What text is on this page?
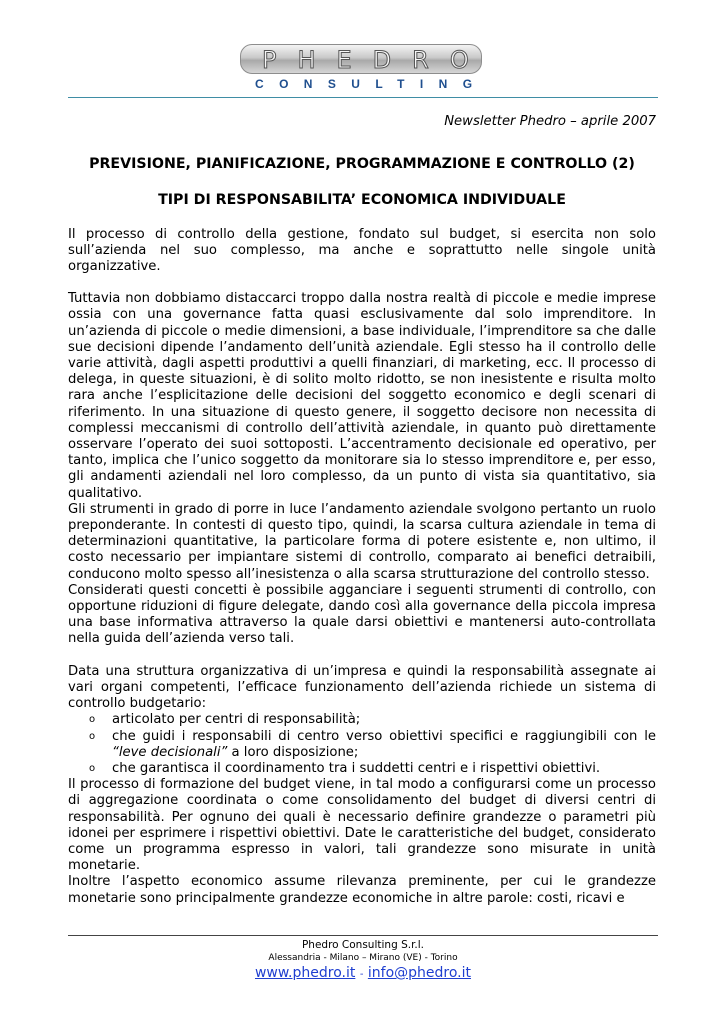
PHEDRO
CONSULTING

Newsletter Phedro – aprile 2007

PREVISIONE, PIANIFICAZIONE, PROGRAMMAZIONE E CONTROLLO (2)
TIPI DI RESPONSABILITA’ ECONOMICA INDIVIDUALE

Il processo di controllo della gestione, fondato sul budget, si esercita non solo sull’azienda nel suo complesso, ma anche e soprattutto nelle singole unità organizzative.

Tuttavia non dobbiamo distaccarci troppo dalla nostra realtà di piccole e medie imprese ossia con una governance fatta quasi esclusivamente dal solo imprenditore. In un’azienda di piccole o medie dimensioni, a base individuale, l’imprenditore sa che dalle sue decisioni dipende l’andamento dell’unità aziendale. Egli stesso ha il controllo delle varie attività, dagli aspetti produttivi a quelli finanziari, di marketing, ecc. Il processo di delega, in queste situazioni, è di solito molto ridotto, se non inesistente e risulta molto rara anche l’esplicitazione delle decisioni del soggetto economico e degli scenari di riferimento. In una situazione di questo genere, il soggetto decisore non necessita di complessi meccanismi di controllo dell’attività aziendale, in quanto può direttamente osservare l’operato dei suoi sottoposti. L’accentramento decisionale ed operativo, per tanto, implica che l’unico soggetto da monitorare sia lo stesso imprenditore e, per esso, gli andamenti aziendali nel loro complesso, da un punto di vista sia quantitativo, sia qualitativo.

Gli strumenti in grado di porre in luce l’andamento aziendale svolgono pertanto un ruolo preponderante. In contesti di questo tipo, quindi, la scarsa cultura aziendale in tema di determinazioni quantitative, la particolare forma di potere esistente e, non ultimo, il costo necessario per impiantare sistemi di controllo, comparato ai benefici detraibili, conducono molto spesso all’inesistenza o alla scarsa strutturazione del controllo stesso.

Considerati questi concetti è possibile agganciare i seguenti strumenti di controllo, con opportune riduzioni di figure delegate, dando così alla governance della piccola impresa una base informativa attraverso la quale darsi obiettivi e mantenersi auto-controllata nella guida dell’azienda verso tali.

Data una struttura organizzativa di un’impresa e quindi la responsabilità assegnate ai vari organi competenti, l’efficace funzionamento dell’azienda richiede un sistema di controllo budgetario:

o articolato per centri di responsabilità;
o che guidi i responsabili di centro verso obiettivi specifici e raggiungibili con le “leve decisionali” a loro disposizione;
o che garantisca il coordinamento tra i suddetti centri e i rispettivi obiettivi.

Il processo di formazione del budget viene, in tal modo a configurarsi come un processo di aggregazione coordinata o come consolidamento del budget di diversi centri di responsabilità. Per ognuno dei quali è necessario definire grandezze o parametri più idonei per esprimere i rispettivi obiettivi. Date le caratteristiche del budget, considerato come un programma espresso in valori, tali grandezze sono misurate in unità monetarie.

Inoltre l’aspetto economico assume rilevanza preminente, per cui le grandezze monetarie sono principalmente grandezze economiche in altre parole: costi, ricavi e

Phedro Consulting S.r.l.
Alessandria - Milano – Mirano (VE) - Torino
www.phedro.it - info@phedro.it
